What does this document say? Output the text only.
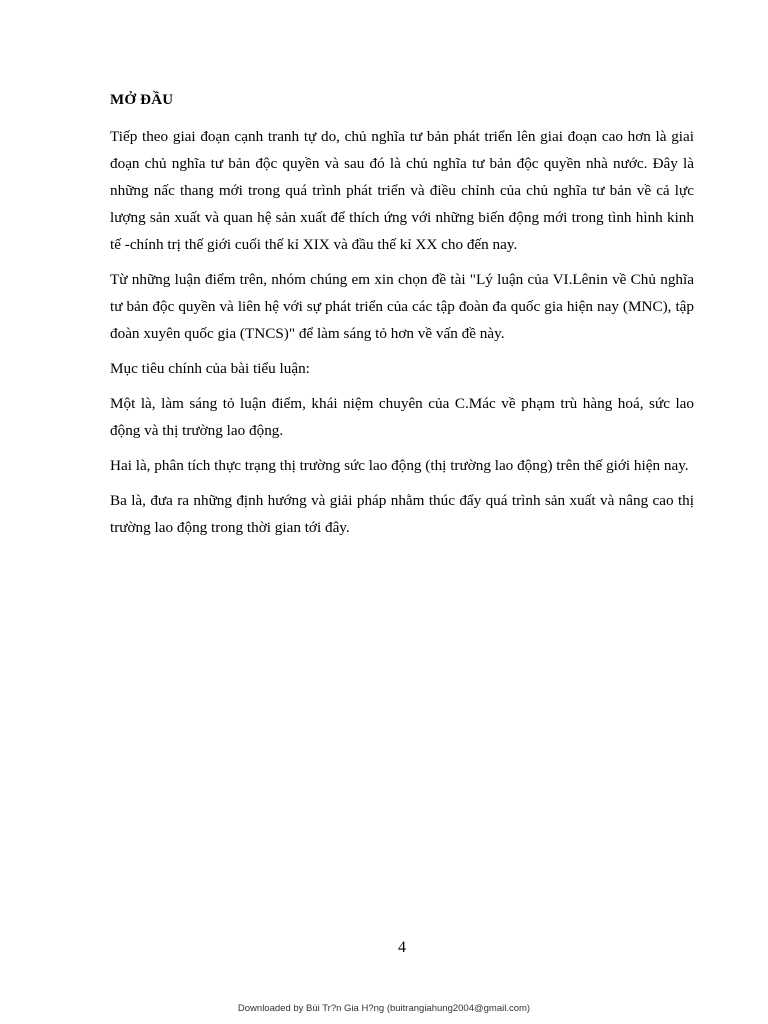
MỞ ĐẦU

Tiếp theo giai đoạn cạnh tranh tự do, chủ nghĩa tư bản phát triển lên giai đoạn cao hơn là giai đoạn chủ nghĩa tư bản độc quyền và sau đó là chủ nghĩa tư bản độc quyền nhà nước. Đây là những nấc thang mới trong quá trình phát triển và điều chỉnh của chủ nghĩa tư bản về cả lực lượng sản xuất và quan hệ sản xuất để thích ứng với những biến động mới trong tình hình kinh tế -chính trị thế giới cuối thế kỉ XIX và đầu thế kỉ XX cho đến nay.

Từ những luận điểm trên, nhóm chúng em xin chọn đề tài "Lý luận của VI.Lênin về Chủ nghĩa tư bản độc quyền và liên hệ với sự phát triển của các tập đoàn đa quốc gia hiện nay (MNC), tập đoàn xuyên quốc gia (TNCS)" để làm sáng tỏ hơn về vấn đề này.

Mục tiêu chính của bài tiểu luận:

Một là, làm sáng tỏ luận điểm, khái niệm chuyên của C.Mác về phạm trù hàng hoá, sức lao động và thị trường lao động.

Hai là, phân tích thực trạng thị trường sức lao động (thị trường lao động) trên thế giới hiện nay.

Ba là, đưa ra những định hướng và giải pháp nhằm thúc đẩy quá trình sản xuất và nâng cao thị trường lao động trong thời gian tới đây.

4
Downloaded by Bùi Tr?n Gia H?ng (buitrangiahung2004@gmail.com)
